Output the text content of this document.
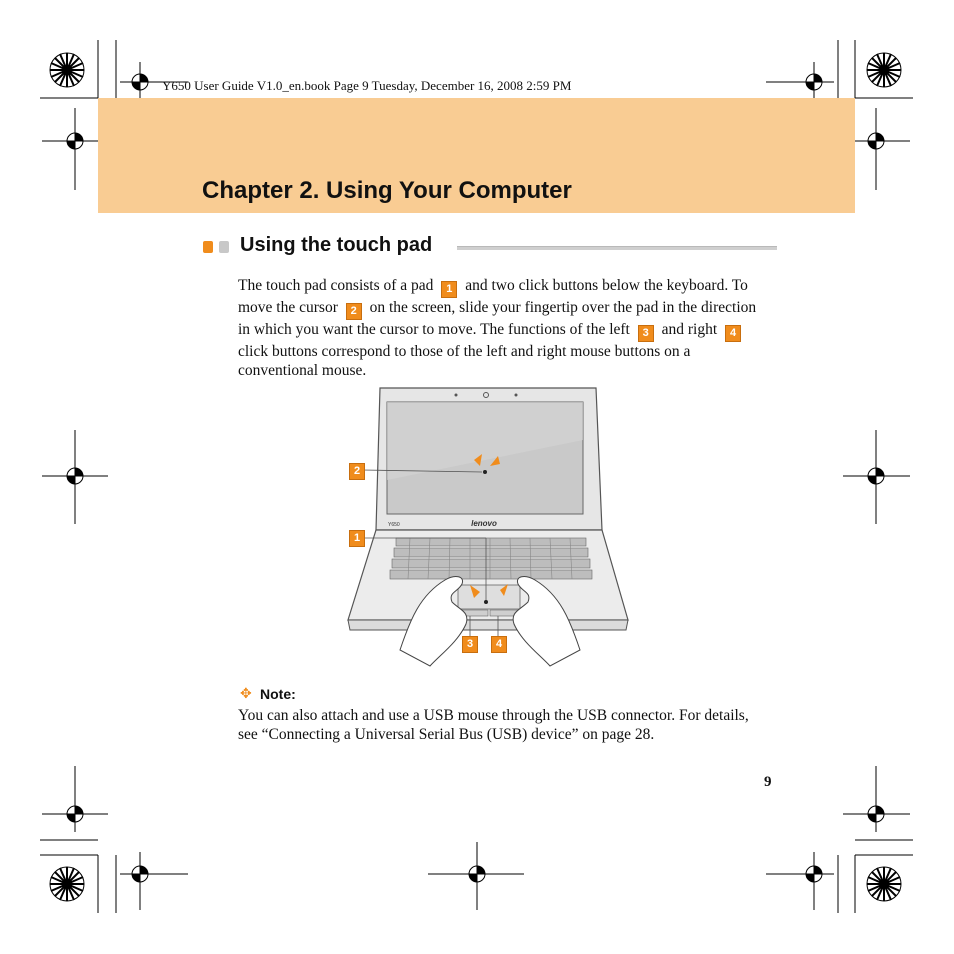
Y650 User Guide V1.0_en.book Page 9 Tuesday, December 16, 2008 2:59 PM
Chapter 2. Using Your Computer
Using the touch pad

The touch pad consists of a pad 1 and two click buttons below the keyboard. To move the cursor 2 on the screen, slide your fingertip over the pad in the direction in which you want the cursor to move. The functions of the left 3 and right 4 click buttons correspond to those of the left and right mouse buttons on a conventional mouse.

lenovo
Y650
2
1
3	4
✥ Note:
You can also attach and use a USB mouse through the USB connector. For details, see “Connecting a Universal Serial Bus (USB) device” on page 28.
9
